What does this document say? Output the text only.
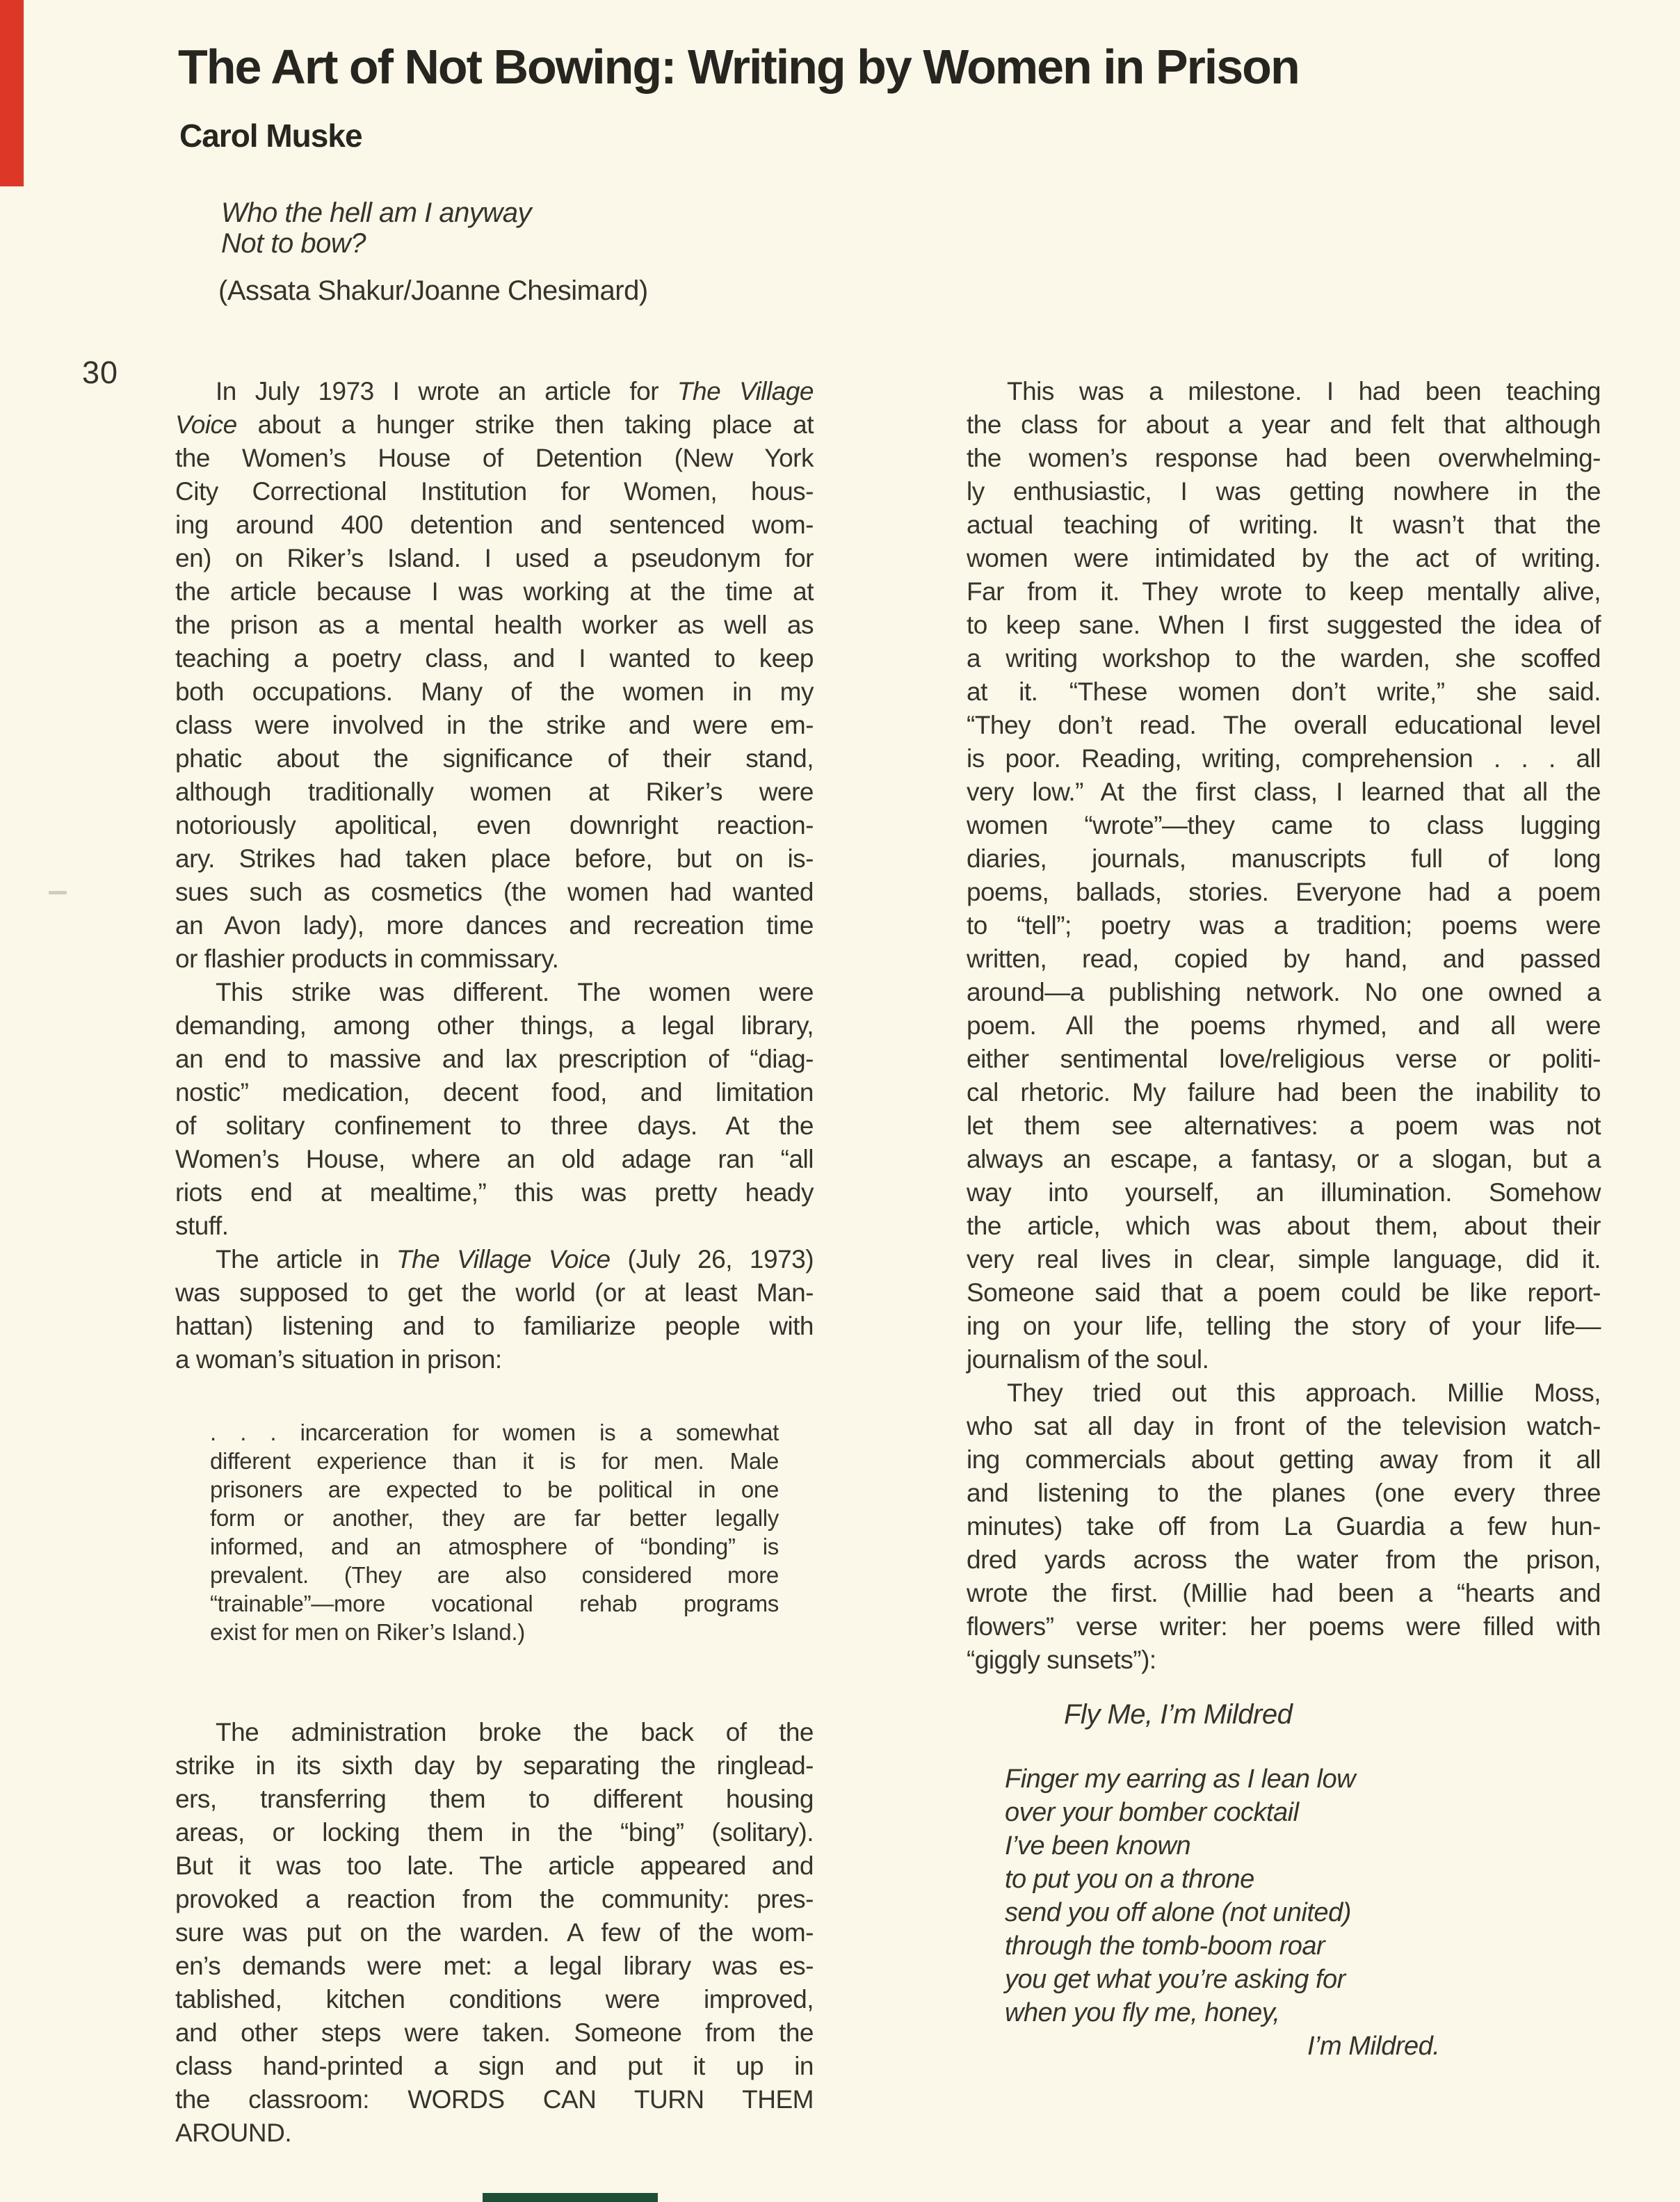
The Art of Not Bowing: Writing by Women in Prison
Carol Muske
Who the hell am I anyway
Not to bow?
(Assata Shakur/Joanne Chesimard)
30
In July 1973 I wrote an article for The Village
Voice about a hunger strike then taking place at
the Women’s House of Detention (New York
City Correctional Institution for Women, hous-
ing around 400 detention and sentenced wom-
en) on Riker’s Island. I used a pseudonym for
the article because I was working at the time at
the prison as a mental health worker as well as
teaching a poetry class, and I wanted to keep
both occupations. Many of the women in my
class were involved in the strike and were em-
phatic about the significance of their stand,
although traditionally women at Riker’s were
notoriously apolitical, even downright reaction-
ary. Strikes had taken place before, but on is-
sues such as cosmetics (the women had wanted
an Avon lady), more dances and recreation time
or flashier products in commissary.
This strike was different. The women were
demanding, among other things, a legal library,
an end to massive and lax prescription of “diag-
nostic” medication, decent food, and limitation
of solitary confinement to three days. At the
Women’s House, where an old adage ran “all
riots end at mealtime,” this was pretty heady
stuff.
The article in The Village Voice (July 26, 1973)
was supposed to get the world (or at least Man-
hattan) listening and to familiarize people with
a woman’s situation in prison:
. . . incarceration for women is a somewhat
different experience than it is for men. Male
prisoners are expected to be political in one
form or another, they are far better legally
informed, and an atmosphere of “bonding” is
prevalent. (They are also considered more
“trainable”—more vocational rehab programs
exist for men on Riker’s Island.)
The administration broke the back of the
strike in its sixth day by separating the ringlead-
ers, transferring them to different housing
areas, or locking them in the “bing” (solitary).
But it was too late. The article appeared and
provoked a reaction from the community: pres-
sure was put on the warden. A few of the wom-
en’s demands were met: a legal library was es-
tablished, kitchen conditions were improved,
and other steps were taken. Someone from the
class hand-printed a sign and put it up in
the classroom: WORDS CAN TURN THEM
AROUND.
This was a milestone. I had been teaching
the class for about a year and felt that although
the women’s response had been overwhelming-
ly enthusiastic, I was getting nowhere in the
actual teaching of writing. It wasn’t that the
women were intimidated by the act of writing.
Far from it. They wrote to keep mentally alive,
to keep sane. When I first suggested the idea of
a writing workshop to the warden, she scoffed
at it. “These women don’t write,” she said.
“They don’t read. The overall educational level
is poor. Reading, writing, comprehension . . . all
very low.” At the first class, I learned that all the
women “wrote”—they came to class lugging
diaries, journals, manuscripts full of long
poems, ballads, stories. Everyone had a poem
to “tell”; poetry was a tradition; poems were
written, read, copied by hand, and passed
around—a publishing network. No one owned a
poem. All the poems rhymed, and all were
either sentimental love/religious verse or politi-
cal rhetoric. My failure had been the inability to
let them see alternatives: a poem was not
always an escape, a fantasy, or a slogan, but a
way into yourself, an illumination. Somehow
the article, which was about them, about their
very real lives in clear, simple language, did it.
Someone said that a poem could be like report-
ing on your life, telling the story of your life—
journalism of the soul.
They tried out this approach. Millie Moss,
who sat all day in front of the television watch-
ing commercials about getting away from it all
and listening to the planes (one every three
minutes) take off from La Guardia a few hun-
dred yards across the water from the prison,
wrote the first. (Millie had been a “hearts and
flowers” verse writer: her poems were filled with
“giggly sunsets”):
Fly Me, I’m Mildred
Finger my earring as I lean low
over your bomber cocktail
I’ve been known
to put you on a throne
send you off alone (not united)
through the tomb-boom roar
you get what you’re asking for
when you fly me, honey,
I’m Mildred.
